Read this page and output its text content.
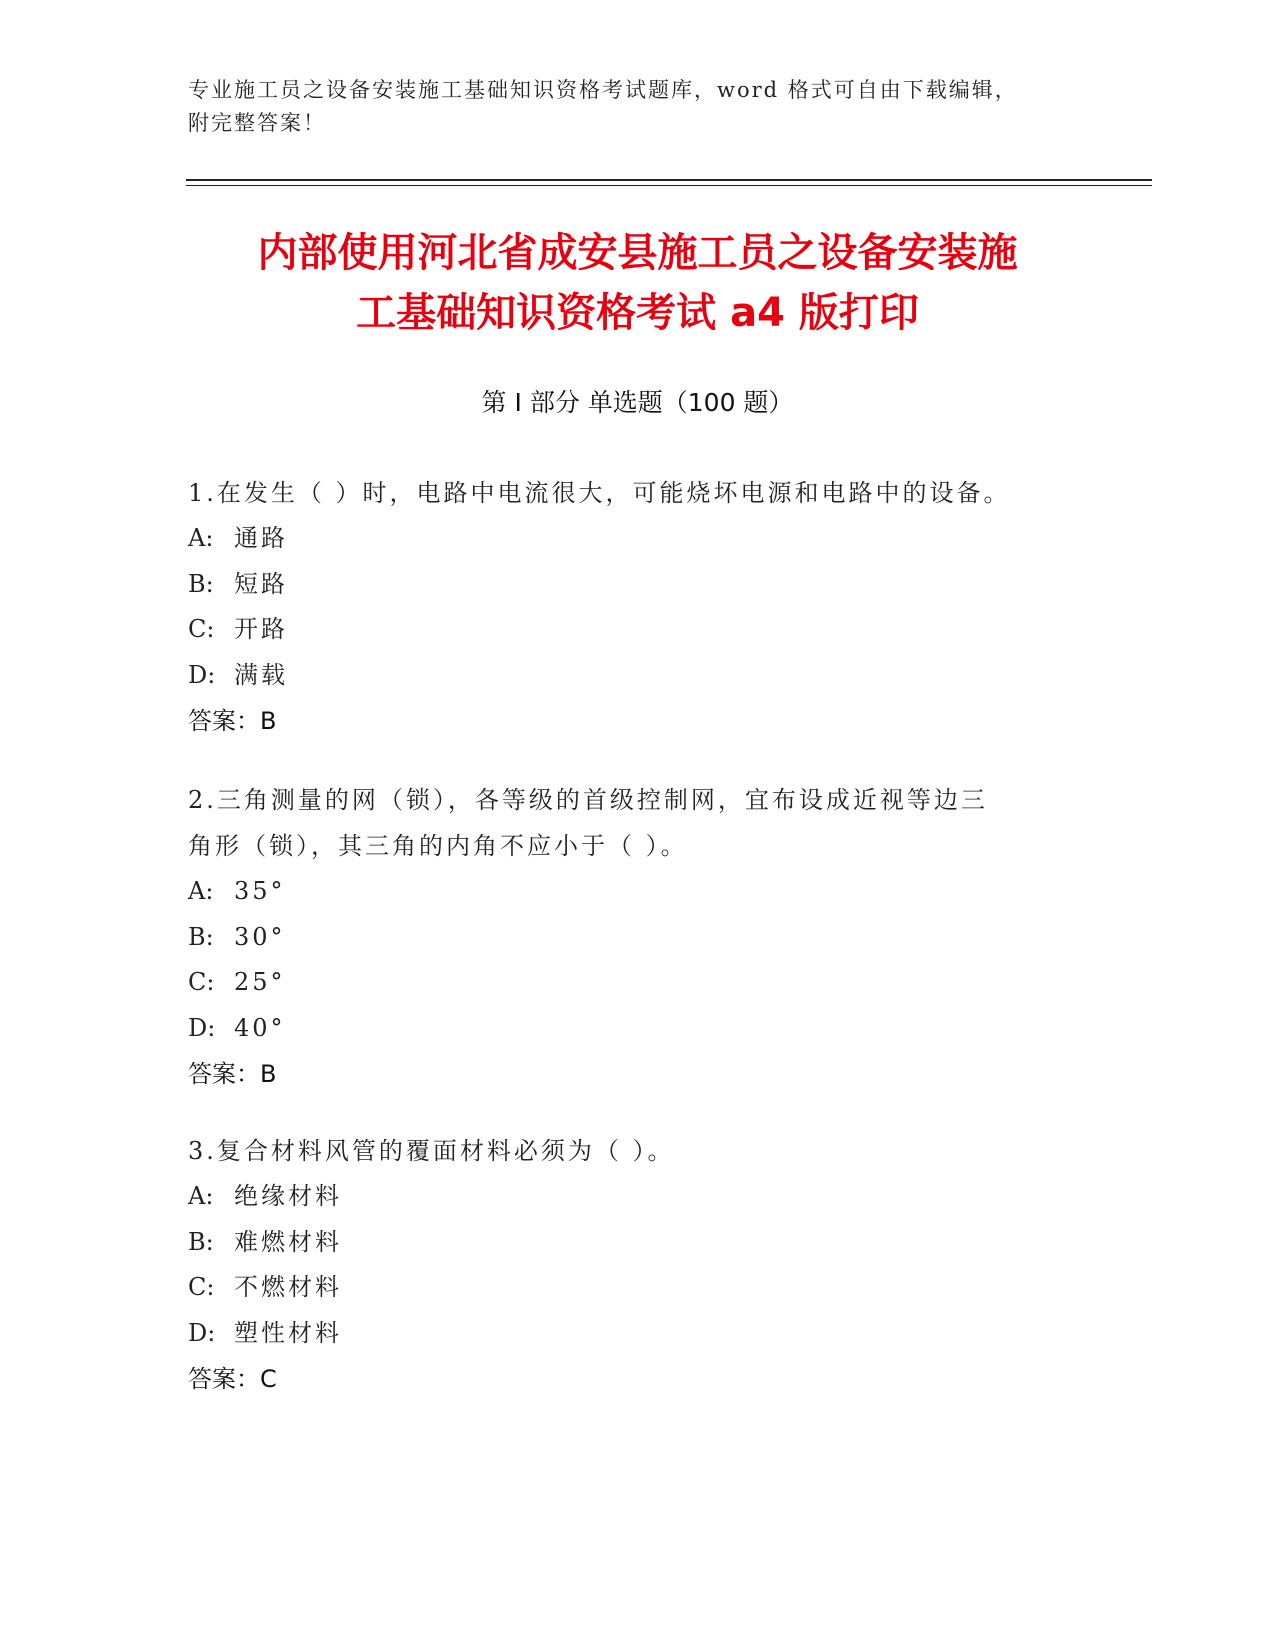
专业施工员之设备安装施工基础知识资格考试题库，word 格式可自由下载编辑，
附完整答案！
内部使用河北省成安县施工员之设备安装施
工基础知识资格考试 a4 版打印
第 I 部分 单选题（100 题）
1.在发生（ ）时，电路中电流很大，可能烧坏电源和电路中的设备。
A: 通路
B: 短路
C: 开路
D: 满载
答案：B
2.三角测量的网（锁），各等级的首级控制网，宜布设成近视等边三
角形（锁），其三角的内角不应小于（ ）。
A: 35°
B: 30°
C: 25°
D: 40°
答案：B
3.复合材料风管的覆面材料必须为（ ）。
A: 绝缘材料
B: 难燃材料
C: 不燃材料
D: 塑性材料
答案：C
